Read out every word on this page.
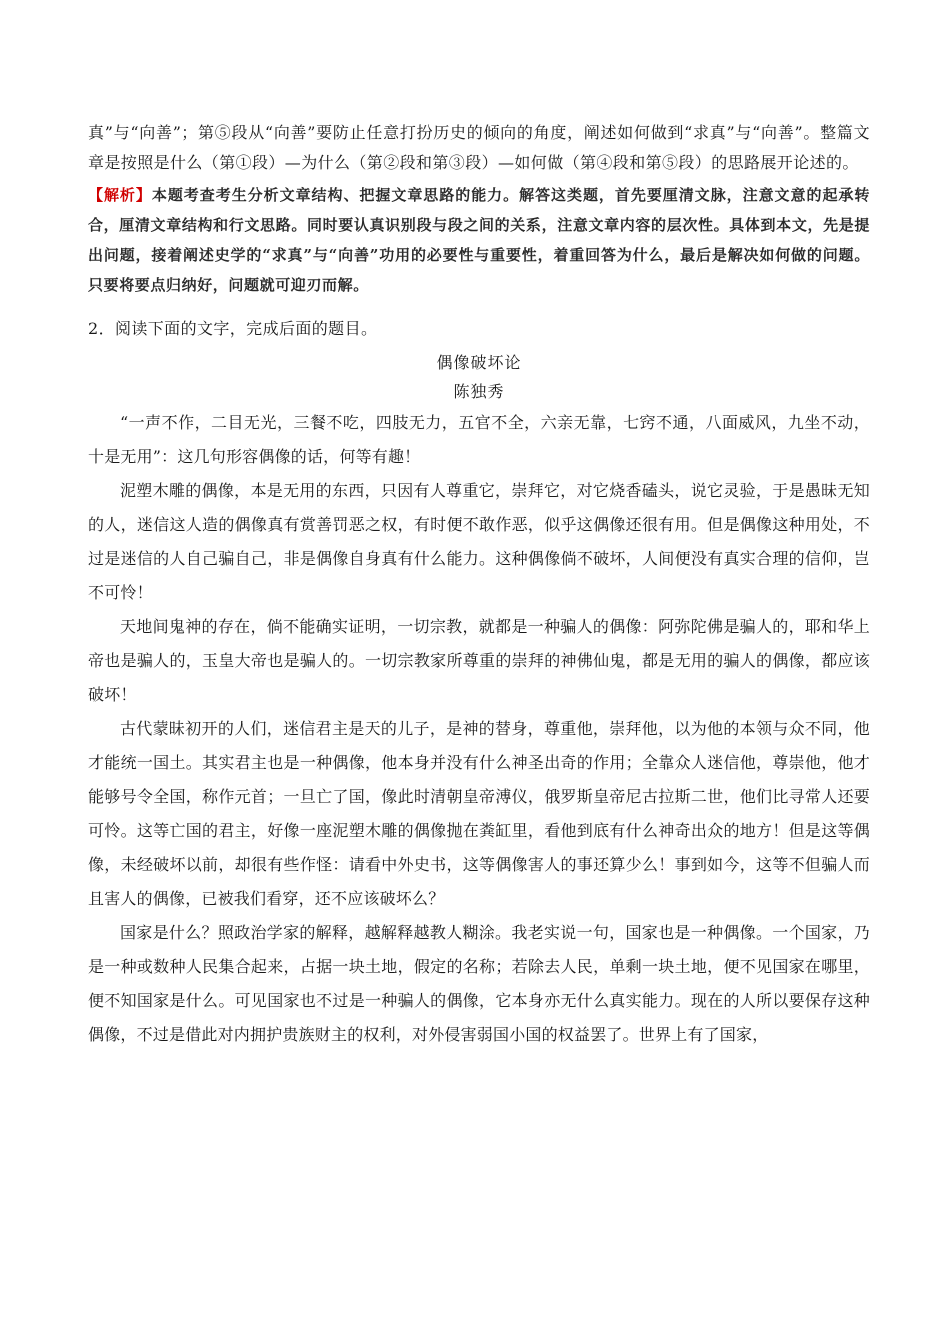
真”与“向善”；第⑤段从“向善”要防止任意打扮历史的倾向的角度，阐述如何做到“求真”与“向善”。整篇文章是按照是什么（第①段）—为什么（第②段和第③段）—如何做（第④段和第⑤段）的思路展开论述的。

【解析】本题考查考生分析文章结构、把握文章思路的能力。解答这类题，首先要厘清文脉，注意文意的起承转合，厘清文章结构和行文思路。同时要认真识别段与段之间的关系，注意文章内容的层次性。具体到本文，先是提出问题，接着阐述史学的“求真”与“向善”功用的必要性与重要性，着重回答为什么，最后是解决如何做的问题。只要将要点归纳好，问题就可迎刃而解。

2．阅读下面的文字，完成后面的题目。

偶像破坏论

陈独秀

“一声不作，二目无光，三餐不吃，四肢无力，五官不全，六亲无靠，七窍不通，八面威风，九坐不动，十是无用”：这几句形容偶像的话，何等有趣！

泥塑木雕的偶像，本是无用的东西，只因有人尊重它，崇拜它，对它烧香磕头，说它灵验，于是愚昧无知的人，迷信这人造的偶像真有赏善罚恶之权，有时便不敢作恶，似乎这偶像还很有用。但是偶像这种用处，不过是迷信的人自己骗自己，非是偶像自身真有什么能力。这种偶像倘不破坏，人间便没有真实合理的信仰，岂不可怜！

天地间鬼神的存在，倘不能确实证明，一切宗教，就都是一种骗人的偶像：阿弥陀佛是骗人的，耶和华上帝也是骗人的，玉皇大帝也是骗人的。一切宗教家所尊重的崇拜的神佛仙鬼，都是无用的骗人的偶像，都应该破坏！

古代蒙昧初开的人们，迷信君主是天的儿子，是神的替身，尊重他，崇拜他，以为他的本领与众不同，他才能统一国土。其实君主也是一种偶像，他本身并没有什么神圣出奇的作用；全靠众人迷信他，尊崇他，他才能够号令全国，称作元首；一旦亡了国，像此时清朝皇帝溥仪，俄罗斯皇帝尼古拉斯二世，他们比寻常人还要可怜。这等亡国的君主，好像一座泥塑木雕的偶像抛在粪缸里，看他到底有什么神奇出众的地方！但是这等偶像，未经破坏以前，却很有些作怪：请看中外史书，这等偶像害人的事还算少么！事到如今，这等不但骗人而且害人的偶像，已被我们看穿，还不应该破坏么？

国家是什么？照政治学家的解释，越解释越教人糊涂。我老实说一句，国家也是一种偶像。一个国家，乃是一种或数种人民集合起来，占据一块土地，假定的名称；若除去人民，单剩一块土地，便不见国家在哪里，便不知国家是什么。可见国家也不过是一种骗人的偶像，它本身亦无什么真实能力。现在的人所以要保存这种偶像，不过是借此对内拥护贵族财主的权利，对外侵害弱国小国的权益罢了。世界上有了国家，
